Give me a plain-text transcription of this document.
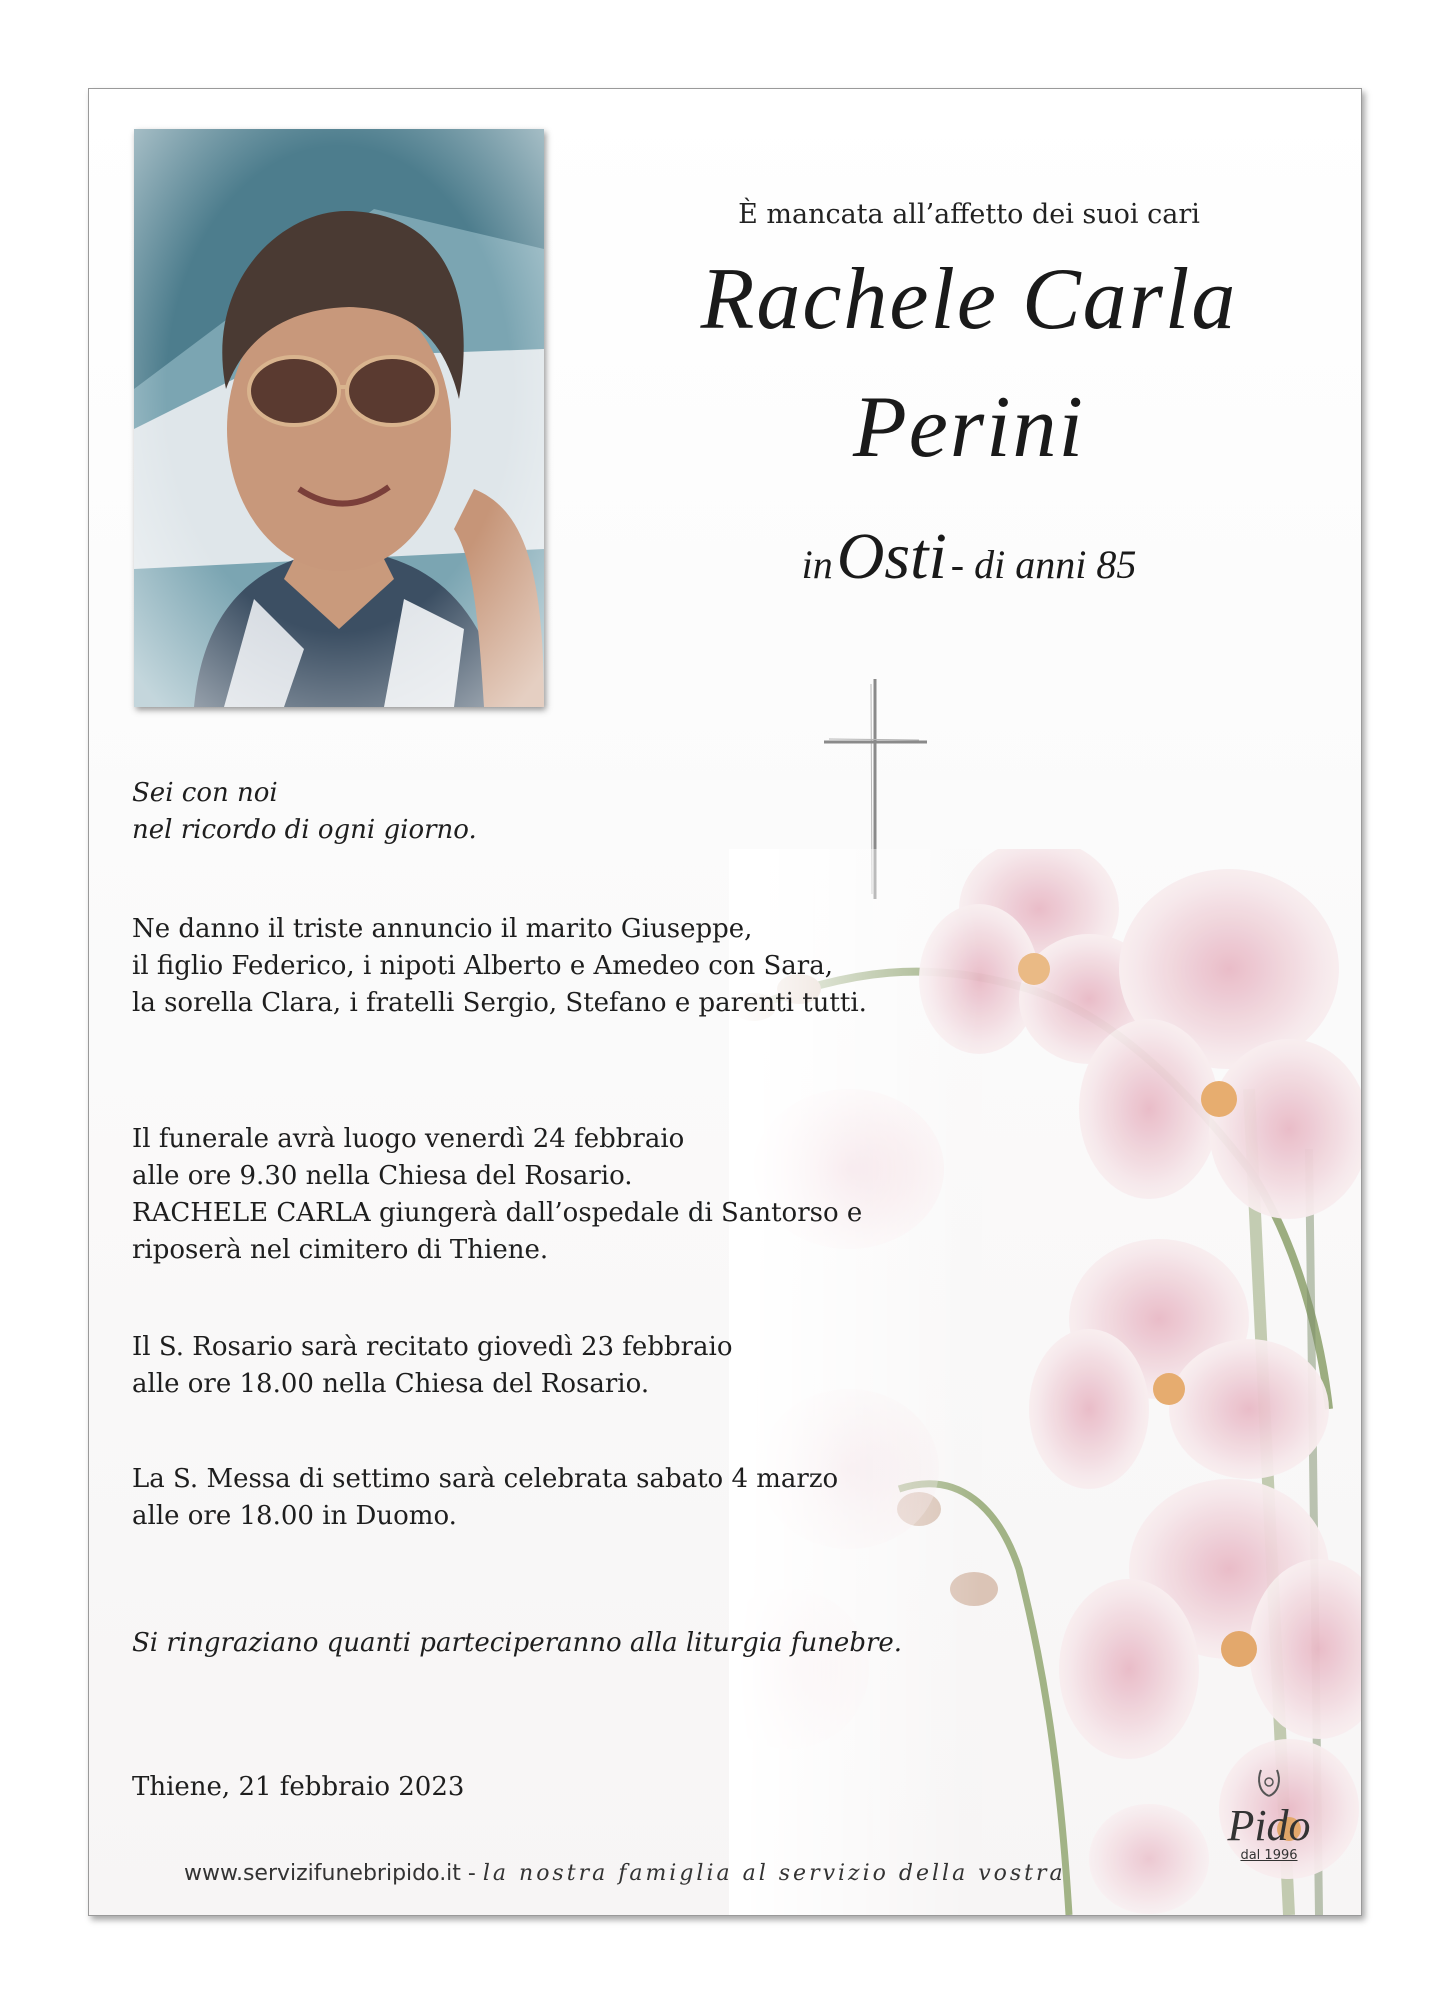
È mancata all’affetto dei suoi cari
Rachele Carla
Perini
in Osti - di anni 85
Sei con noi
nel ricordo di ogni giorno.
Ne danno il triste annuncio il marito Giuseppe,
il figlio Federico, i nipoti Alberto e Amedeo con Sara,
la sorella Clara, i fratelli Sergio, Stefano e parenti tutti.
Il funerale avrà luogo venerdì 24 febbraio
alle ore 9.30 nella Chiesa del Rosario.
RACHELE CARLA giungerà dall’ospedale di Santorso e
riposerà nel cimitero di Thiene.
Il S. Rosario sarà recitato giovedì 23 febbraio
alle ore 18.00 nella Chiesa del Rosario.
La S. Messa di settimo sarà celebrata sabato 4 marzo
alle ore 18.00 in Duomo.
Si ringraziano quanti parteciperanno alla liturgia funebre.
Thiene, 21 febbraio 2023
www.servizifunebripido.it - la nostra famiglia al servizio della vostra
Pido
dal 1996
